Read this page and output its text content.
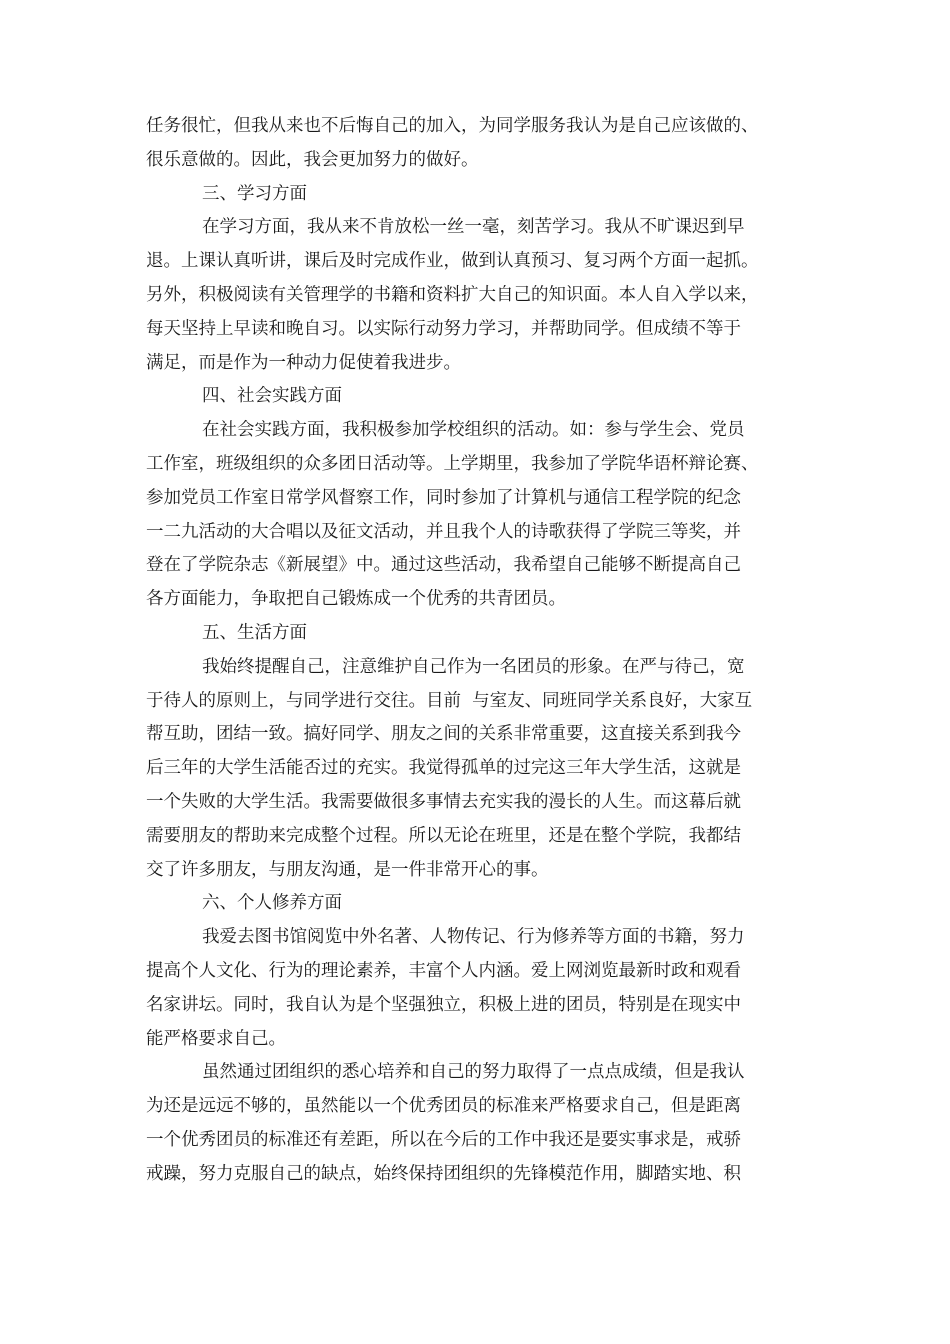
任务很忙，但我从来也不后悔自己的加入，为同学服务我认为是自己应该做的、
很乐意做的。因此，我会更加努力的做好。
三、学习方面
在学习方面，我从来不肯放松一丝一毫，刻苦学习。我从不旷课迟到早
退。上课认真听讲，课后及时完成作业，做到认真预习、复习两个方面一起抓。
另外，积极阅读有关管理学的书籍和资料扩大自己的知识面。本人自入学以来，
每天坚持上早读和晚自习。以实际行动努力学习，并帮助同学。但成绩不等于
满足，而是作为一种动力促使着我进步。
四、社会实践方面
在社会实践方面，我积极参加学校组织的活动。如：参与学生会、党员
工作室，班级组织的众多团日活动等。上学期里，我参加了学院华语杯辩论赛、
参加党员工作室日常学风督察工作，同时参加了计算机与通信工程学院的纪念
一二九活动的大合唱以及征文活动，并且我个人的诗歌获得了学院三等奖，并
登在了学院杂志《新展望》中。通过这些活动，我希望自己能够不断提高自己
各方面能力，争取把自己锻炼成一个优秀的共青团员。
五、生活方面
我始终提醒自己，注意维护自己作为一名团员的形象。在严与待己，宽
于待人的原则上，与同学进行交往。目前  与室友、同班同学关系良好，大家互
帮互助，团结一致。搞好同学、朋友之间的关系非常重要，这直接关系到我今
后三年的大学生活能否过的充实。我觉得孤单的过完这三年大学生活，这就是
一个失败的大学生活。我需要做很多事情去充实我的漫长的人生。而这幕后就
需要朋友的帮助来完成整个过程。所以无论在班里，还是在整个学院，我都结
交了许多朋友，与朋友沟通，是一件非常开心的事。
六、个人修养方面
我爱去图书馆阅览中外名著、人物传记、行为修养等方面的书籍，努力
提高个人文化、行为的理论素养，丰富个人内涵。爱上网浏览最新时政和观看
名家讲坛。同时，我自认为是个坚强独立，积极上进的团员，特别是在现实中
能严格要求自己。
虽然通过团组织的悉心培养和自己的努力取得了一点点成绩，但是我认
为还是远远不够的，虽然能以一个优秀团员的标准来严格要求自己，但是距离
一个优秀团员的标准还有差距，所以在今后的工作中我还是要实事求是，戒骄
戒躁，努力克服自己的缺点，始终保持团组织的先锋模范作用，脚踏实地、积
